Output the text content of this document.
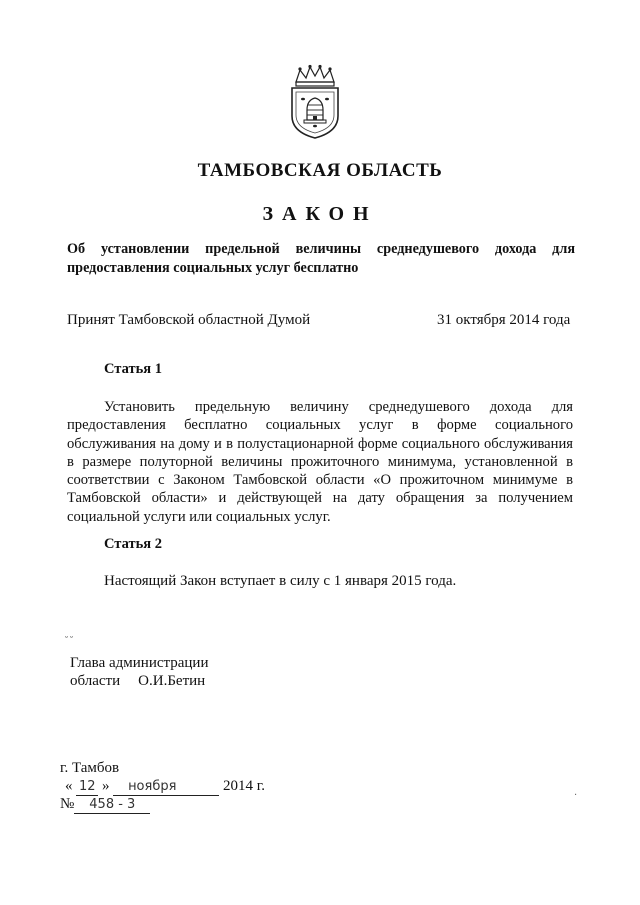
ТАМБОВСКАЯ ОБЛАСТЬ
ЗАКОН
Об установлении предельной величины среднедушевого дохода для предоставления социальных услуг бесплатно
Принят Тамбовской областной Думой	31 октября 2014 года
Статья 1
Установить предельную величину среднедушевого дохода для предоставления бесплатно социальных услуг в форме социального обслуживания на дому и в полустационарной форме социального обслуживания в размере полуторной величины прожиточного минимума, установленной в соответствии с Законом Тамбовской области «О прожиточном минимуме в Тамбовской области» и действующей на дату обращения за получением социальной услуги или социальных услуг.
Статья 2
Настоящий Закон вступает в силу с 1 января 2015 года.
˘˘
Глава администрации
области О.И.Бетин
г. Тамбов
« 12 » ноября	2014 г.
№ 458 - 3
·
